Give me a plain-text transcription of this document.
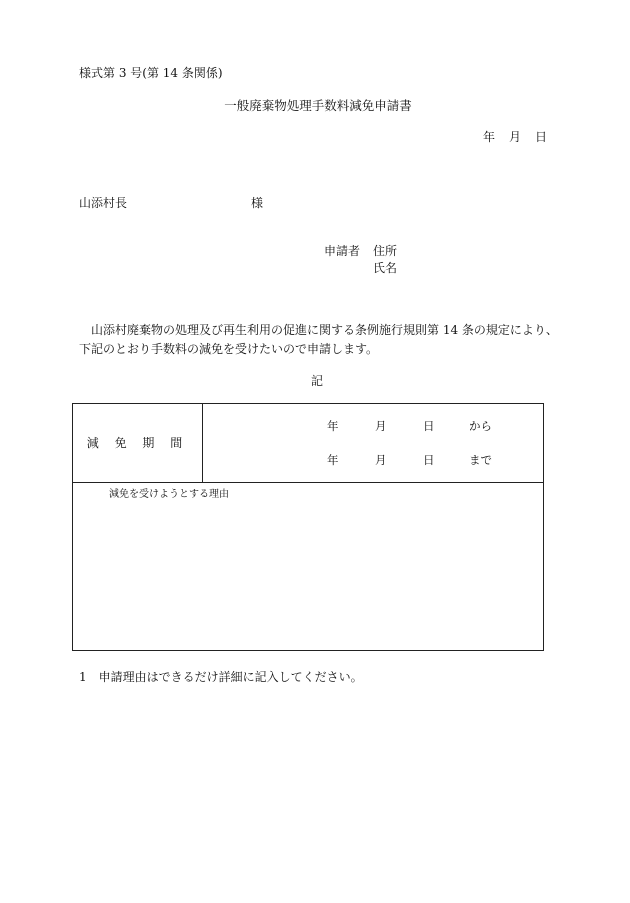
様式第 3 号(第 14 条関係)
一般廃棄物処理手数料減免申請書
年 月 日
山添村長	様
申請者 住所
氏名
山添村廃棄物の処理及び再生利用の促進に関する条例施行規則第 14 条の規定により、下記のとおり手数料の減免を受けたいので申請します。
記
減 免 期 間
年	月	日	から
年	月	日	まで
減免を受けようとする理由
1　申請理由はできるだけ詳細に記入してください。
